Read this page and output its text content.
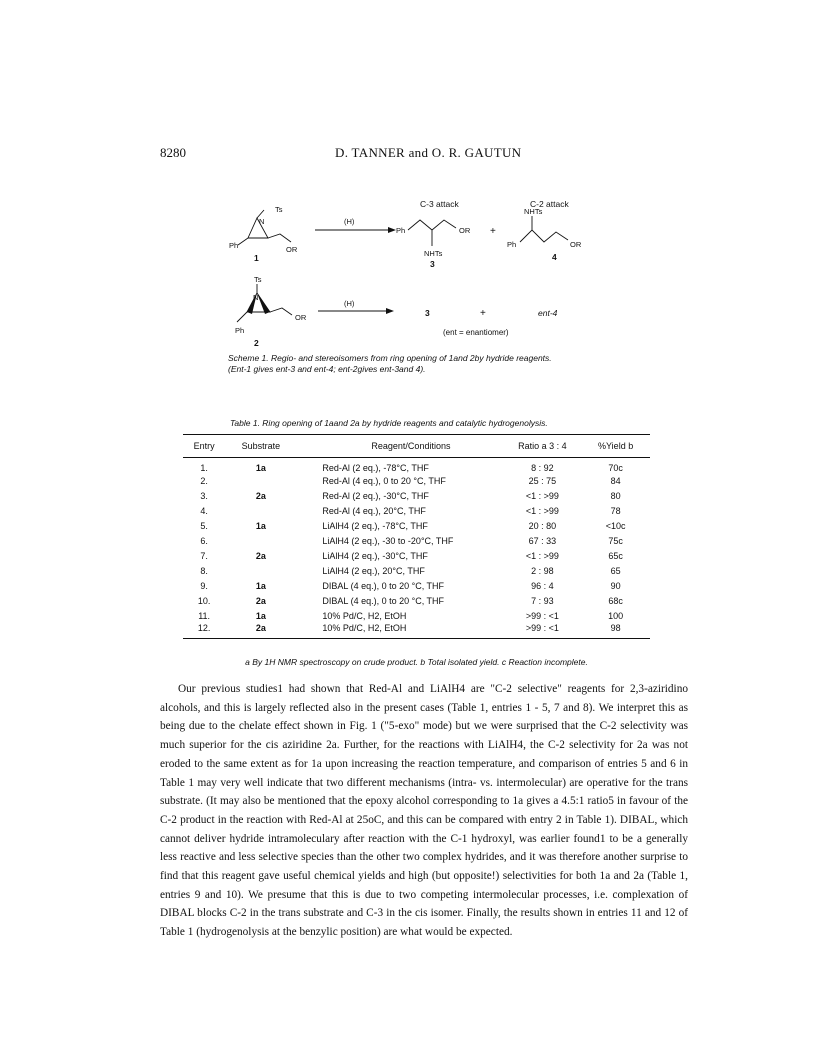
8280	D. TANNER and O. R. GAUTUN
C-3 attack	C-2 attack
Ts
N
Ph	OR
1
(H)
Ph	OR
NHTs
3
+
NHTs
Ph	OR
4
Ts
N
Ph
OR
2
(H)
3	+	ent-4
(ent = enantiomer)
Scheme 1. Regio- and stereoisomers from ring opening of 1and 2by hydride reagents.
(Ent-1 gives ent-3 and ent-4; ent-2gives ent-3and 4).
Table 1. Ring opening of 1aand 2a by hydride reagents and catalytic hydrogenolysis.
Entry	Substrate	Reagent/Conditions	Ratio a 3 : 4	%Yield b
1.	1a	Red-Al (2 eq.), -78°C, THF	8 : 92	70c
2.		Red-Al (4 eq.), 0 to 20 °C, THF	25 : 75	84
3.	2a	Red-Al (2 eq.), -30°C, THF	<1 : >99	80
4.		Red-Al (4 eq.), 20°C, THF	<1 : >99	78
5.	1a	LiAlH4 (2 eq.), -78°C, THF	20 : 80	<10c
6.		LiAlH4 (2 eq.), -30 to -20°C, THF	67 : 33	75c
7.	2a	LiAlH4 (2 eq.), -30°C, THF	<1 : >99	65c
8.		LiAlH4 (2 eq.), 20°C, THF	2 : 98	65
9.	1a	DIBAL (4 eq.), 0 to 20 °C, THF	96 : 4	90
10.	2a	DIBAL (4 eq.), 0 to 20 °C, THF	7 : 93	68c
11.	1a	10% Pd/C, H2, EtOH	>99 : <1	100
12.	2a	10% Pd/C, H2, EtOH	>99 : <1	98
a By 1H NMR spectroscopy on crude product. b Total isolated yield. c Reaction incomplete.

Our previous studies1 had shown that Red-Al and LiAlH4 are "C-2 selective" reagents for 2,3-aziridino alcohols, and this is largely reflected also in the present cases (Table 1, entries 1 - 5, 7 and 8). We interpret this as being due to the chelate effect shown in Fig. 1 ("5-exo" mode) but we were surprised that the C-2 selectivity was much superior for the cis aziridine 2a. Further, for the reactions with LiAlH4, the C-2 selectivity for 2a was not eroded to the same extent as for 1a upon increasing the reaction temperature, and comparison of entries 5 and 6 in Table 1 may very well indicate that two different mechanisms (intra- vs. intermolecular) are operative for the trans substrate. (It may also be mentioned that the epoxy alcohol corresponding to 1a gives a 4.5:1 ratio5 in favour of the C-2 product in the reaction with Red-Al at 25oC, and this can be compared with entry 2 in Table 1). DIBAL, which cannot deliver hydride intramoleculary after reaction with the C-1 hydroxyl, was earlier found1 to be a generally less reactive and less selective species than the other two complex hydrides, and it was therefore another surprise to find that this reagent gave useful chemical yields and high (but opposite!) selectivities for both 1a and 2a (Table 1, entries 9 and 10). We presume that this is due to two competing intermolecular processes, i.e. complexation of DIBAL blocks C-2 in the trans substrate and C-3 in the cis isomer. Finally, the results shown in entries 11 and 12 of Table 1 (hydrogenolysis at the benzylic position) are what would be expected.
